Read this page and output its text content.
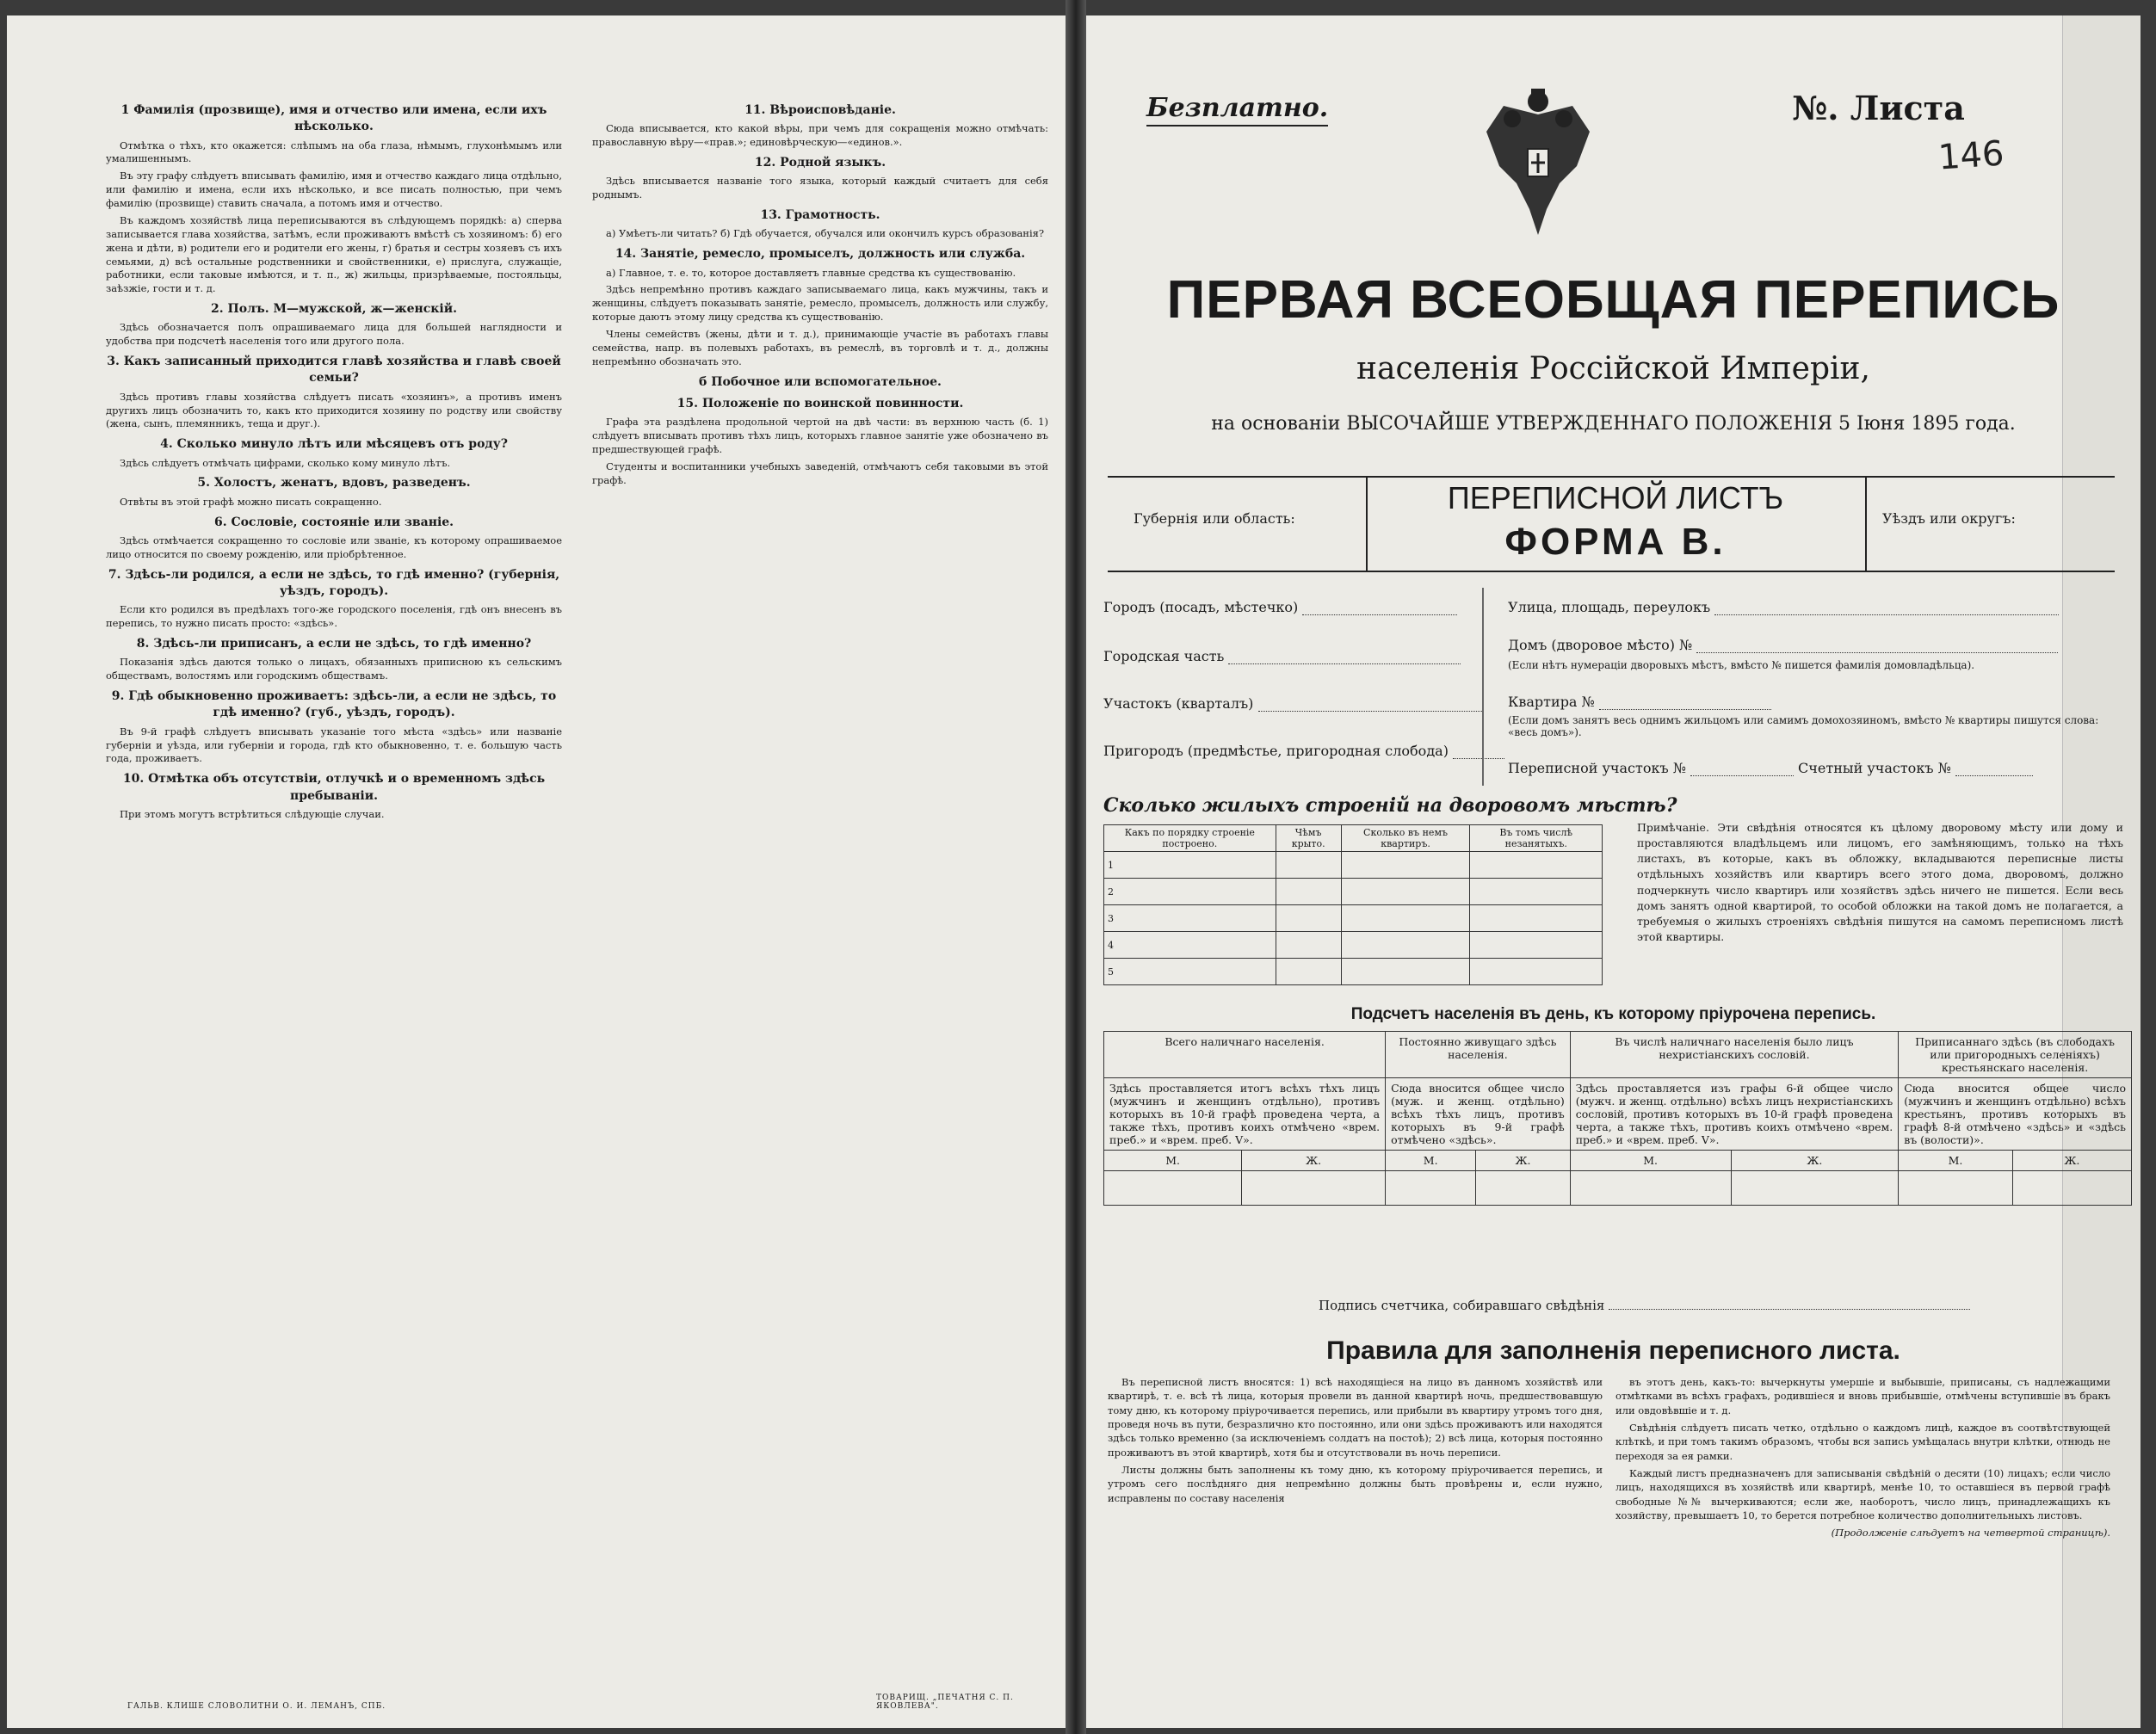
1 Фамилія (прозвище), имя и отчество или имена, если ихъ нѣсколько.

Отмѣтка о тѣхъ, кто окажется: слѣпымъ на оба глаза, нѣмымъ, глухонѣмымъ или умалишеннымъ.

Въ эту графу слѣдуетъ вписывать фамилію, имя и отчество каждаго лица отдѣльно, или фамилію и имена, если ихъ нѣсколько, и все писать полностью, при чемъ фамилію (прозвище) ставить сначала, а потомъ имя и отчество.

Въ каждомъ хозяйствѣ лица переписываются въ слѣдующемъ порядкѣ: а) сперва записывается глава хозяйства, затѣмъ, если проживаютъ вмѣстѣ съ хозяиномъ: б) его жена и дѣти, в) родители его и родители его жены, г) братья и сестры хозяевъ съ ихъ семьями, д) всѣ остальные родственники и свойственники, е) прислуга, служащіе, работники, если таковые имѣются, и т. п., ж) жильцы, призрѣваемые, постояльцы, заѣзжіе, гости и т. д.

2. Полъ. М—мужской, ж—женскій.

Здѣсь обозначается полъ опрашиваемаго лица для большей наглядности и удобства при подсчетѣ населенія того или другого пола.

3. Какъ записанный приходится главѣ хозяйства и главѣ своей семьи?

Здѣсь противъ главы хозяйства слѣдуетъ писать «хозяинъ», а противъ именъ другихъ лицъ обозначить то, какъ кто приходится хозяину по родству или свойству (жена, сынъ, племянникъ, теща и друг.).

4. Сколько минуло лѣтъ или мѣсяцевъ отъ роду?

Здѣсь слѣдуетъ отмѣчать цифрами, сколько кому минуло лѣтъ.

5. Холостъ, женатъ, вдовъ, разведенъ.

Отвѣты въ этой графѣ можно писать сокращенно.

6. Сословіе, состояніе или званіе.

Здѣсь отмѣчается сокращенно то сословіе или званіе, къ которому опрашиваемое лицо относится по своему рожденію, или пріобрѣтенное.

7. Здѣсь-ли родился, а если не здѣсь, то гдѣ именно? (губернія, уѣздъ, городъ).

Если кто родился въ предѣлахъ того-же городского поселенія, гдѣ онъ внесенъ въ перепись, то нужно писать просто: «здѣсь».

8. Здѣсь-ли приписанъ, а если не здѣсь, то гдѣ именно?

Показанія здѣсь даются только о лицахъ, обязанныхъ приписною къ сельскимъ обществамъ, волостямъ или городскимъ обществамъ.

9. Гдѣ обыкновенно проживаетъ: здѣсь-ли, а если не здѣсь, то гдѣ именно? (губ., уѣздъ, городъ).

Въ 9-й графѣ слѣдуетъ вписывать указаніе того мѣста «здѣсь» или названіе губерніи и уѣзда, или губерніи и города, гдѣ кто обыкновенно, т. е. большую часть года, проживаетъ.

10. Отмѣтка объ отсутствіи, отлучкѣ и о временномъ здѣсь пребываніи.

При этомъ могутъ встрѣтиться слѣдующіе случаи.

11. Вѣроисповѣданіе.

Сюда вписывается, кто какой вѣры, при чемъ для сокращенія можно отмѣчать: православную вѣру—«прав.»; единовѣрческую—«единов.».

12. Родной языкъ.

Здѣсь вписывается названіе того языка, который каждый считаетъ для себя роднымъ.

13. Грамотность.

а) Умѣетъ-ли читать? б) Гдѣ обучается, обучался или окончилъ курсъ образованія?

14. Занятіе, ремесло, промыселъ, должность или служба.

а) Главное, т. е. то, которое доставляетъ главные средства къ существованію.

Здѣсь непремѣнно противъ каждаго записываемаго лица, какъ мужчины, такъ и женщины, слѣдуетъ показывать занятіе, ремесло, промыселъ, должность или службу, которые даютъ этому лицу средства къ существованію.

Члены семействъ (жены, дѣти и т. д.), принимающіе участіе въ работахъ главы семейства, напр. въ полевыхъ работахъ, въ ремеслѣ, въ торговлѣ и т. д., должны непремѣнно обозначать это.

б Побочное или вспомогательное.
15. Положеніе по воинской повинности.

Графа эта раздѣлена продольной чертой на двѣ части: въ верхнюю часть (б. 1) слѣдуетъ вписывать противъ тѣхъ лицъ, которыхъ главное занятіе уже обозначено въ предшествующей графѣ.

Студенты и воспитанники учебныхъ заведеній, отмѣчаютъ себя таковыми въ этой графѣ.

ГАЛЬВ. КЛИШЕ СЛОВОЛИТНИ О. И. ЛЕМАНЪ, СПБ.
ТОВАРИЩ. „ПЕЧАТНЯ С. П. ЯКОВЛЕВА".
Безплатно.	№. Листа
146
ПЕРВАЯ ВСЕОБЩАЯ ПЕРЕПИСЬ
населенія Россійской Имперіи,
на основаніи ВЫСОЧАЙШЕ УТВЕРЖДЕННАГО ПОЛОЖЕНІЯ 5 Іюня 1895 года.
Губернія или область:
ПЕРЕПИСНОЙ ЛИСТЪ
ФОРМА В.
Уѣздъ или округъ:
Городъ (посадъ, мѣстечко)
Городская часть
Участокъ (кварталъ)
Пригородъ (предмѣстье, пригородная слобода)
Улица, площадь, переулокъ
Домъ (дворовое мѣсто) №
(Если нѣтъ нумераціи дворовыхъ мѣстъ, вмѣсто № пишется фамилія домовладѣльца).
Квартира №
(Если домъ занятъ весь однимъ жильцомъ или самимъ домохозяиномъ, вмѣсто № квартиры пишутся слова: «весь домъ»).
Переписной участокъ №	Счетный участокъ №
Сколько жилыхъ строеній на дворовомъ мѣстѣ?
Какъ по порядку строеніе построено.	Чѣмъ крыто.	Сколько въ немъ квартиръ.	Въ томъ числѣ незанятыхъ.
1			
2			
3			
4			
5			
Примѣчаніе. Эти свѣдѣнія относятся къ цѣлому дворовому мѣсту или дому и проставляются владѣльцемъ или лицомъ, его замѣняющимъ, только на тѣхъ листахъ, въ которые, какъ въ обложку, вкладываются переписные листы отдѣльныхъ хозяйствъ или квартиръ всего этого дома, дворовомъ, должно подчеркнуть число квартиръ или хозяйствъ здѣсь ничего не пишется. Если весь домъ занятъ одной квартирой, то особой обложки на такой домъ не полагается, а требуемыя о жилыхъ строеніяхъ свѣдѣнія пишутся на самомъ переписномъ листѣ этой квартиры.
Подсчетъ населенія въ день, къ которому пріурочена перепись.
Всего наличнаго населенія.		Постоянно живущаго здѣсь населенія.		Въ числѣ наличнаго населенія было лицъ нехристіанскихъ сословій.		Приписаннаго здѣсь (въ слободахъ или пригородныхъ селеніяхъ) крестьянскаго населенія.	
Здѣсь проставляется итогъ всѣхъ тѣхъ лицъ (мужчинъ и женщинъ отдѣльно), противъ которыхъ въ 10-й графѣ проведена черта, а также тѣхъ, противъ коихъ отмѣчено «врем. преб.» и «врем. преб. V».		Сюда вносится общее число (муж. и женщ. отдѣльно) всѣхъ тѣхъ лицъ, противъ которыхъ въ 9-й графѣ отмѣчено «здѣсь».		Здѣсь проставляется изъ графы 6-й общее число (мужч. и женщ. отдѣльно) всѣхъ лицъ нехристіанскихъ сословій, противъ которыхъ въ 10-й графѣ проведена черта, а также тѣхъ, противъ коихъ отмѣчено «врем. преб.» и «врем. преб. V».		Сюда вносится общее число (мужчинъ и женщинъ отдѣльно) всѣхъ крестьянъ, противъ которыхъ въ графѣ 8-й отмѣчено «здѣсь» и «здѣсь въ (волости)».	
М.	Ж.	М.	Ж.	М.	Ж.	М.	Ж.

Подпись счетчика, собиравшаго свѣдѣнія
Правила для заполненія переписного листа.

Въ переписной листъ вносятся: 1) всѣ находящіеся на лицо въ данномъ хозяйствѣ или квартирѣ, т. е. всѣ тѣ лица, которыя провели въ данной квартирѣ ночь, предшествовавшую тому дню, къ которому пріурочивается перепись, или прибыли въ квартиру утромъ того дня, проведя ночь въ пути, безразлично кто постоянно, или они здѣсь проживаютъ или находятся здѣсь только временно (за исключеніемъ солдатъ на постоѣ); 2) всѣ лица, которыя постоянно проживаютъ въ этой квартирѣ, хотя бы и отсутствовали въ ночь переписи.

Листы должны быть заполнены къ тому дню, къ которому пріурочивается перепись, и утромъ сего послѣдняго дня непремѣнно должны быть провѣрены и, если нужно, исправлены по составу населенія

въ этотъ день, какъ-то: вычеркнуты умершіе и выбывшіе, приписаны, съ надлежащими отмѣтками въ всѣхъ графахъ, родившіеся и вновь прибывшіе, отмѣчены вступившіе въ бракъ или овдовѣвшіе и т. д.

Свѣдѣнія слѣдуетъ писать четко, отдѣльно о каждомъ лицѣ, каждое въ соотвѣтствующей клѣткѣ, и при томъ такимъ образомъ, чтобы вся запись умѣщалась внутри клѣтки, отнюдь не переходя за ея рамки.

Каждый листъ предназначенъ для записыванія свѣдѣній о десяти (10) лицахъ; если число лицъ, находящихся въ хозяйствѣ или квартирѣ, менѣе 10, то оставшіеся въ первой графѣ свободные №№ вычеркиваются; если же, наоборотъ, число лицъ, принадлежащихъ къ хозяйству, превышаетъ 10, то берется потребное количество дополнительныхъ листовъ.

(Продолженіе слѣдуетъ на четвертой страницѣ).
